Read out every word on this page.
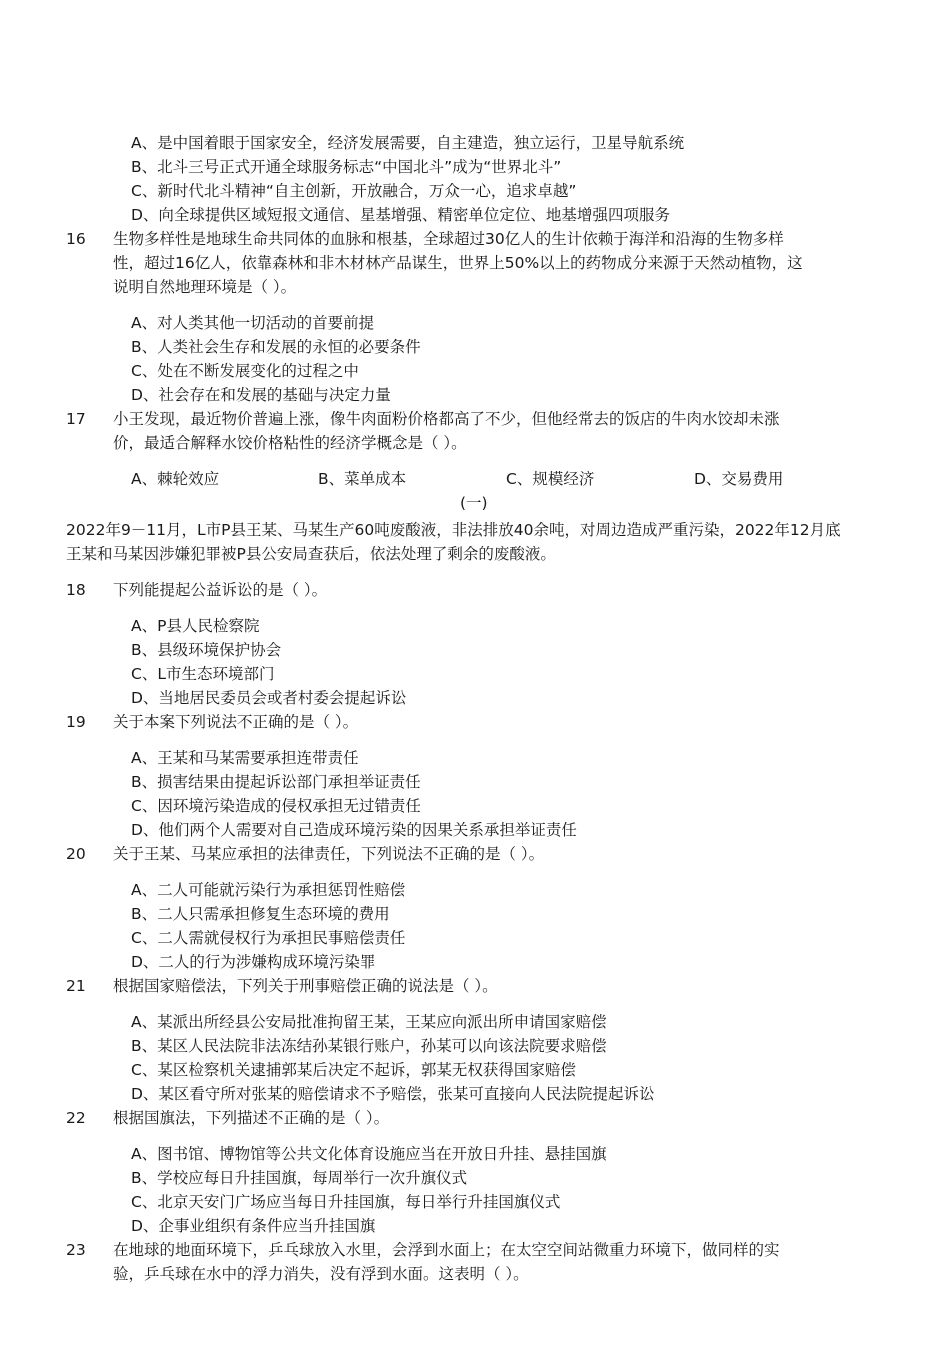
A、是中国着眼于国家安全，经济发展需要，自主建造，独立运行，卫星导航系统
B、北斗三号正式开通全球服务标志“中国北斗”成为“世界北斗”
C、新时代北斗精神“自主创新，开放融合，万众一心，追求卓越”
D、向全球提供区域短报文通信、星基增强、精密单位定位、地基增强四项服务
16 生物多样性是地球生命共同体的血脉和根基，全球超过30亿人的生计依赖于海洋和沿海的生物多样
性，超过16亿人，依靠森林和非木材林产品谋生，世界上50%以上的药物成分来源于天然动植物，这
说明自然地理环境是（ ）。
A、对人类其他一切活动的首要前提
B、人类社会生存和发展的永恒的必要条件
C、处在不断发展变化的过程之中
D、社会存在和发展的基础与决定力量
17 小王发现，最近物价普遍上涨，像牛肉面粉价格都高了不少，但他经常去的饭店的牛肉水饺却未涨
价，最适合解释水饺价格粘性的经济学概念是（ ）。
A、棘轮效应	B、菜单成本	C、规模经济	D、交易费用
(一)
2022年9－11月，L市P县王某、马某生产60吨废酸液，非法排放40余吨，对周边造成严重污染，2022年12月底
王某和马某因涉嫌犯罪被P县公安局查获后，依法处理了剩余的废酸液。
18 下列能提起公益诉讼的是（ ）。
A、P县人民检察院
B、县级环境保护协会
C、L市生态环境部门
D、当地居民委员会或者村委会提起诉讼
19 关于本案下列说法不正确的是（ ）。
A、王某和马某需要承担连带责任
B、损害结果由提起诉讼部门承担举证责任
C、因环境污染造成的侵权承担无过错责任
D、他们两个人需要对自己造成环境污染的因果关系承担举证责任
20 关于王某、马某应承担的法律责任，下列说法不正确的是（ ）。
A、二人可能就污染行为承担惩罚性赔偿
B、二人只需承担修复生态环境的费用
C、二人需就侵权行为承担民事赔偿责任
D、二人的行为涉嫌构成环境污染罪
21 根据国家赔偿法，下列关于刑事赔偿正确的说法是（ ）。
A、某派出所经县公安局批准拘留王某，王某应向派出所申请国家赔偿
B、某区人民法院非法冻结孙某银行账户，孙某可以向该法院要求赔偿
C、某区检察机关逮捕郭某后决定不起诉，郭某无权获得国家赔偿
D、某区看守所对张某的赔偿请求不予赔偿，张某可直接向人民法院提起诉讼
22 根据国旗法，下列描述不正确的是（ ）。
A、图书馆、博物馆等公共文化体育设施应当在开放日升挂、悬挂国旗
B、学校应每日升挂国旗，每周举行一次升旗仪式
C、北京天安门广场应当每日升挂国旗，每日举行升挂国旗仪式
D、企事业组织有条件应当升挂国旗
23 在地球的地面环境下，乒乓球放入水里，会浮到水面上；在太空空间站微重力环境下，做同样的实
验，乒乓球在水中的浮力消失，没有浮到水面。这表明（ ）。
